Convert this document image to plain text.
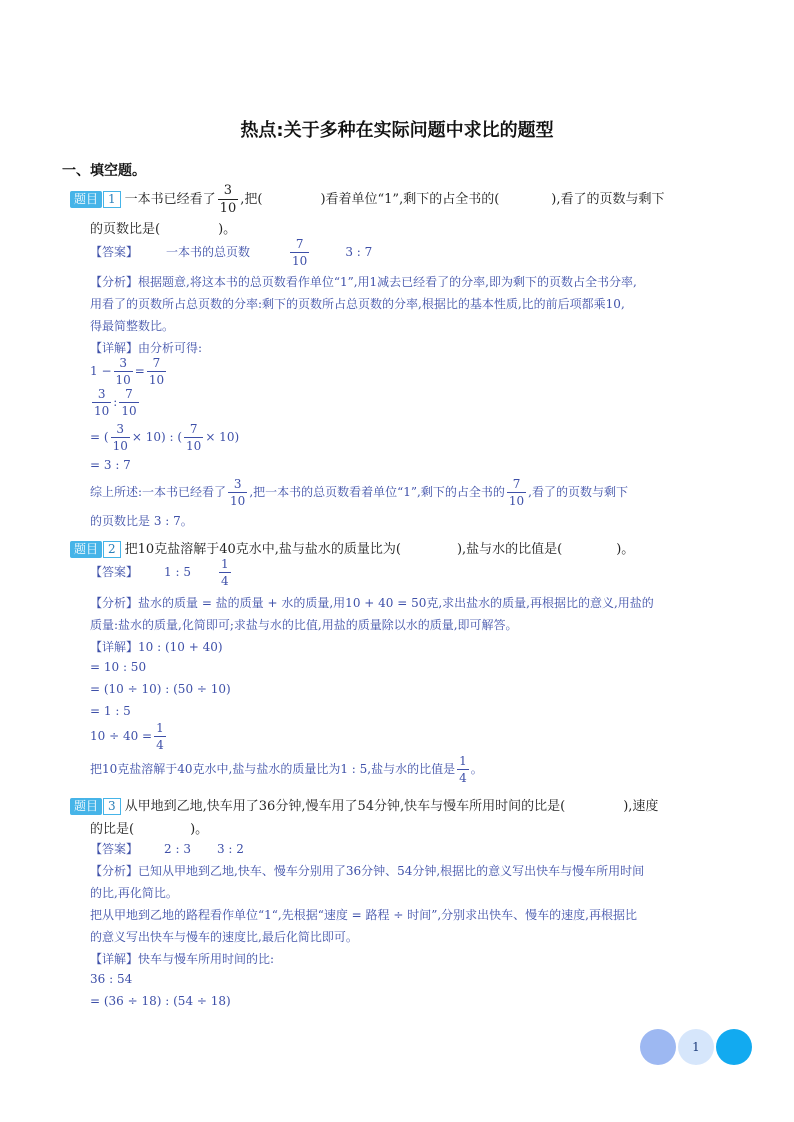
热点:关于多种在实际问题中求比的题型
一、填空题。
题目 1 一本书已经看了 $\frac{3}{10}$ ,把(	)看着单位“1”,剩下的占全书的(	),看了的页数与剩下
的页数比是(	)。
【答案】 一本书的总页数	$\frac{7}{10}$	3 : 7
【分析】根据题意,将这本书的总页数看作单位“1”,用1减去已经看了的分率,即为剩下的页数占全书分率,
用看了的页数所占总页数的分率:剩下的页数所占总页数的分率,根据比的基本性质,比的前后项都乘10,
得最简整数比。
【详解】由分析可得:
$1 - \frac{3}{10} = \frac{7}{10}$
$\frac{3}{10}$ : $\frac{7}{10}$
= ( $\frac{3}{10} \times 10$) : ( $\frac{7}{10} \times 10$)
= 3 : 7
综上所述:一本书已经看了 $\frac{3}{10}$ ,把一本书的总页数看着单位“1”,剩下的占全书的 $\frac{7}{10}$ ,看了的页数与剩下
的页数比是 3 : 7。
题目 2 把10克盐溶解于40克水中,盐与盐水的质量比为(	),盐与水的比值是(	)。
【答案】 1 : $5 \frac{1}{4}$
【分析】盐水的质量 = 盐的质量 + 水的质量,用10 + 40 = 50克,求出盐水的质量,再根据比的意义,用盐的
质量:盐水的质量,化简即可;求盐与水的比值,用盐的质量除以水的质量,即可解答。
【详解】10 : (10 + 40)
= 10 : 50
= (10 ÷ 10) : (50 ÷ 10)
= 1 : 5
$10 \div 40 = \frac{1}{4}$
把10克盐溶解于40克水中,盐与盐水的质量比为1 : 5,盐与水的比值是 $\frac{1}{4}$ 。
题目 3 从甲地到乙地,快车用了36分钟,慢车用了54分钟,快车与慢车所用时间的比是(	),速度
的比是(	)。
【答案】 2 : 3 3 : 2
【分析】已知从甲地到乙地,快车、慢车分别用了36分钟、54分钟,根据比的意义写出快车与慢车所用时间
的比,再化简比。
把从甲地到乙地的路程看作单位“1“,先根据“速度 = 路程 ÷ 时间”,分别求出快车、慢车的速度,再根据比
的意义写出快车与慢车的速度比,最后化简比即可。
【详解】快车与慢车所用时间的比:
36 : 54
= (36 ÷ 18) : (54 ÷ 18)
1
